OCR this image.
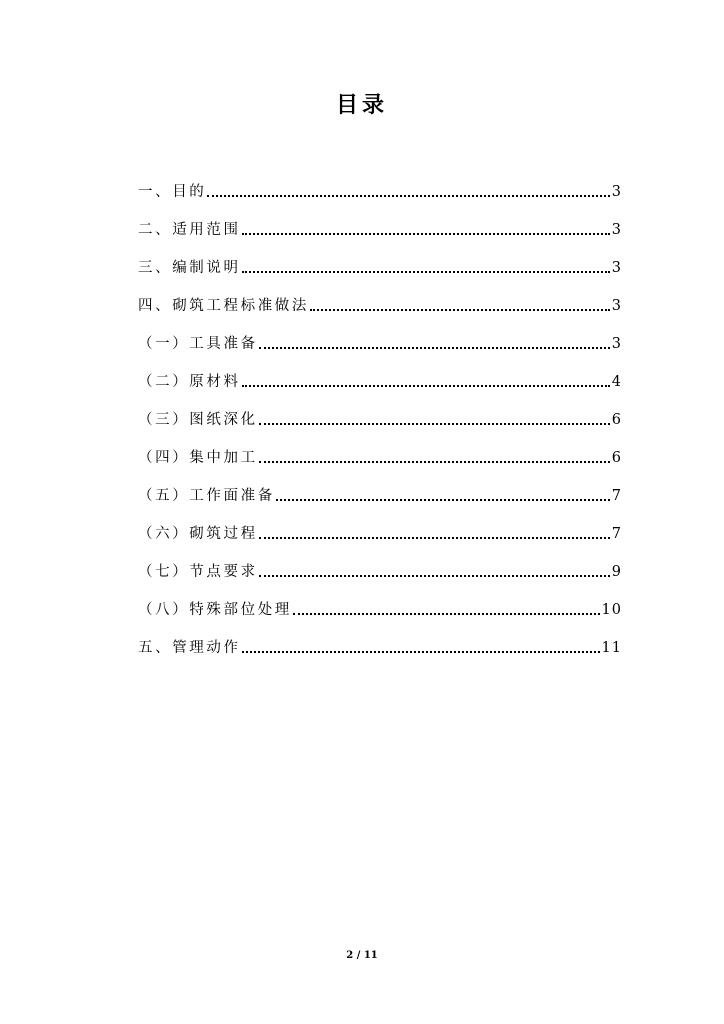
目录
一、目的	3
二、适用范围	3
三、编制说明	3
四、砌筑工程标准做法	3
（一）工具准备	3
（二）原材料	4
（三）图纸深化	6
（四）集中加工	6
（五）工作面准备	7
（六）砌筑过程	7
（七）节点要求	9
（八）特殊部位处理	10
五、管理动作	11
2 / 11
